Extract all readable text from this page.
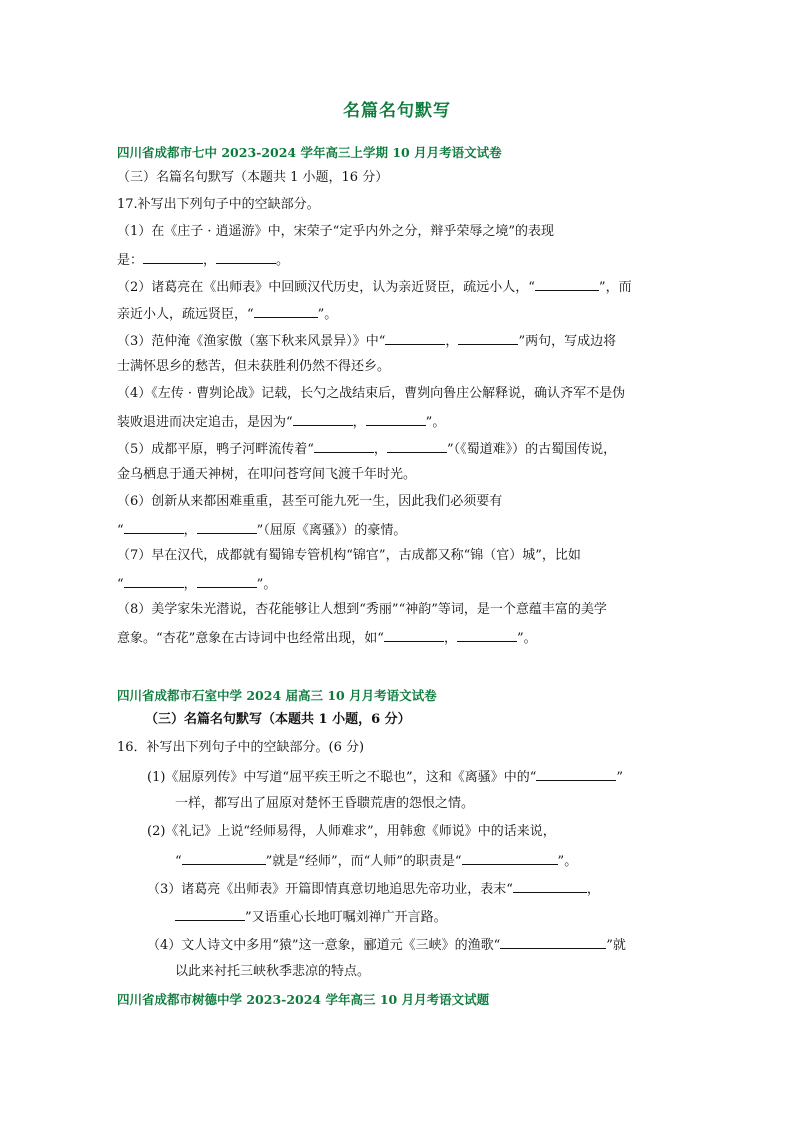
名篇名句默写
四川省成都市七中 2023-2024 学年高三上学期 10 月月考语文试卷
（三）名篇名句默写（本题共 1 小题，16 分）
17.补写出下列句子中的空缺部分。
（1）在《庄子 · 逍遥游》中，宋荣子“定乎内外之分，辩乎荣辱之境”的表现
是：	，	。
（2）诸葛亮在《出师表》中回顾汉代历史，认为亲近贤臣，疏远小人，“	”，而
亲近小人，疏远贤臣，“	”。
（3）范仲淹《渔家傲（塞下秋来风景异）》中“	，	”两句，写成边将
士满怀思乡的愁苦，但未获胜利仍然不得还乡。
（4）《左传 · 曹刿论战》记载，长勺之战结束后，曹刿向鲁庄公解释说，确认齐军不是伪
装败退进而决定追击，是因为“	，	”。
（5）成都平原，鸭子河畔流传着“	，	”（《蜀道难》）的古蜀国传说，
金乌栖息于通天神树，在叩问苍穹间飞渡千年时光。
（6）创新从来都困难重重，甚至可能九死一生，因此我们必须要有
“	，	”（屈原《离骚》）的豪情。
（7）早在汉代，成都就有蜀锦专管机构“锦官”，古成都又称“锦（官）城”，比如
“	，	”。
（8）美学家朱光潜说，杏花能够让人想到“秀丽”“神韵”等词，是一个意蕴丰富的美学
意象。“杏花”意象在古诗词中也经常出现，如“	，	”。
四川省成都市石室中学 2024 届高三 10 月月考语文试卷
（三）名篇名句默写（本题共 1 小题，6 分）
16．补写出下列句子中的空缺部分。(6 分)
(1)《屈原列传》中写道“屈平疾王听之不聪也”，这和《离骚》中的“	”
一样，都写出了屈原对楚怀王昏聩荒唐的怨恨之情。
(2)《礼记》上说“经师易得，人师难求”，用韩愈《师说》中的话来说，
“	”就是“经师”，而“人师”的职责是“	”。
（3）诸葛亮《出师表》开篇即情真意切地追思先帝功业，表末“	，
”又语重心长地叮嘱刘禅广开言路。
（4）文人诗文中多用“猿”这一意象，郦道元《三峡》的渔歌“	”就
以此来衬托三峡秋季悲凉的特点。
四川省成都市树德中学 2023-2024 学年高三 10 月月考语文试题
